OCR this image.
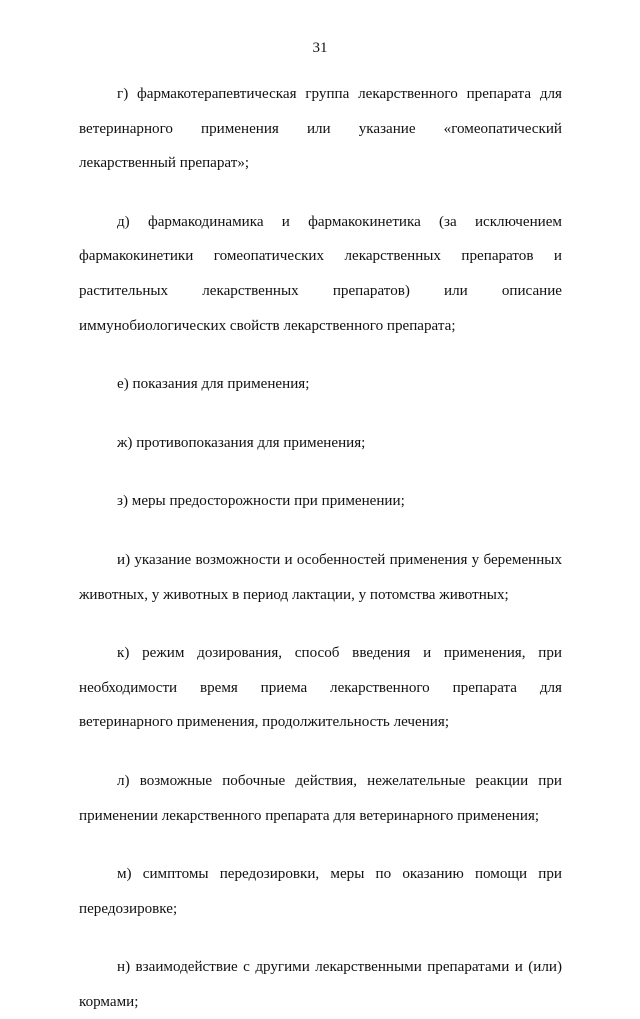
31

г) фармакотерапевтическая группа лекарственного препарата для ветеринарного применения или указание «гомеопатический лекарственный препарат»;

д) фармакодинамика и фармакокинетика (за исключением фармакокинетики гомеопатических лекарственных препаратов и растительных лекарственных препаратов) или описание иммунобиологических свойств лекарственного препарата;

е) показания для применения;

ж) противопоказания для применения;

з) меры предосторожности при применении;

и) указание возможности и особенностей применения у беременных животных, у животных в период лактации, у потомства животных;

к) режим дозирования, способ введения и применения, при необходимости время приема лекарственного препарата для ветеринарного применения, продолжительность лечения;

л) возможные побочные действия, нежелательные реакции при применении лекарственного препарата для ветеринарного применения;

м) симптомы передозировки, меры по оказанию помощи при передозировке;

н) взаимодействие с другими лекарственными препаратами и (или) кормами;
